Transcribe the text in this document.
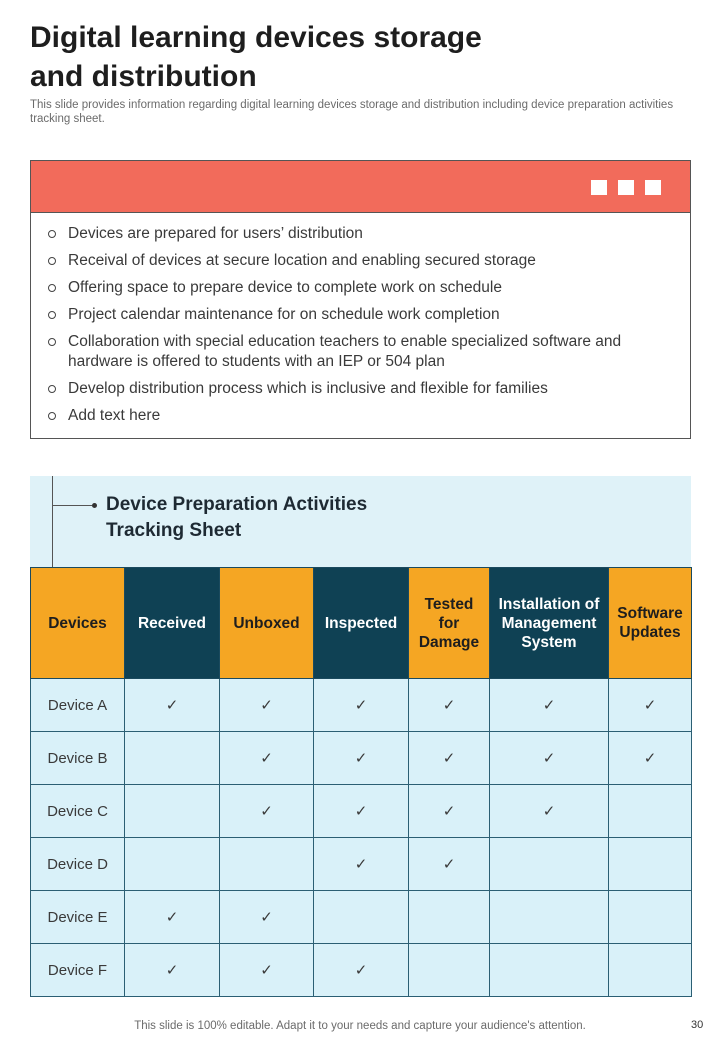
Digital learning devices storage
and distribution
This slide provides information regarding digital learning devices storage and distribution including device preparation activities tracking sheet.
Devices are prepared for users’ distribution
Receival of devices at secure location and enabling secured storage
Offering space to prepare device to complete work on schedule
Project calendar maintenance for on schedule work completion
Collaboration with special education teachers to enable specialized software and hardware is offered to students with an IEP or 504 plan
Develop distribution process which is inclusive and flexible for families
Add text here
Device Preparation Activities
Tracking Sheet
Devices	Received	Unboxed	Inspected	Tested for Damage	Installation of Management System	Software Updates
Device A	✓	✓	✓	✓	✓	✓
Device B		✓	✓	✓	✓	✓
Device C		✓	✓	✓	✓	
Device D			✓	✓		
Device E	✓	✓				
Device F	✓	✓	✓			
This slide is 100% editable. Adapt it to your needs and capture your audience's attention.	30
